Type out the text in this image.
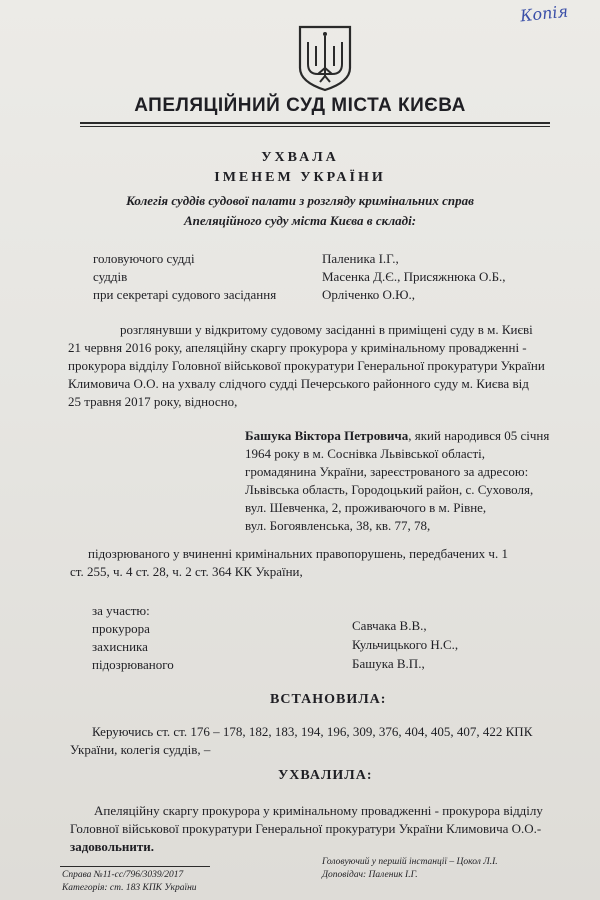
Копія
АПЕЛЯЦІЙНИЙ СУД МІСТА КИЄВА
УХВАЛА
ІМЕНЕМ УКРАЇНИ
Колегія суддів судової палати з розгляду кримінальних справ
Апеляційного суду міста Києва в складі:
головуючого судді	Паленика І.Г.,
суддів	Масенка Д.Є., Присяжнюка О.Б.,
при секретарі судового засідання	Орліченко О.Ю.,
розглянувши у відкритому судовому засіданні в приміщені суду в м. Києві
21 червня 2016 року, апеляційну скаргу прокурора у кримінальному провадженні -
прокурора відділу Головної військової прокуратури Генеральної прокуратури України
Климовича О.О. на ухвалу слідчого судді Печерського районного суду м. Києва від
25 травня 2017 року, відносно,
Башука Віктора Петровича, який народився 05 січня
1964 року в м. Соснівка Львівської області,
громадянина України, зареєстрованого за адресою:
Львівська область, Городоцький район, с. Суховоля,
вул. Шевченка, 2, проживаючого в м. Рівне,
вул. Богоявленська, 38, кв. 77, 78,
підозрюваного у вчиненні кримінальних правопорушень, передбачених ч. 1
ст. 255, ч. 4 ст. 28, ч. 2 ст. 364 КК України,
за участю:
прокурора	Савчака В.В.,
захисника	Кульчицького Н.С.,
підозрюваного	Башука В.П.,
ВСТАНОВИЛА:
Керуючись ст. ст. 176 – 178, 182, 183, 194, 196, 309, 376, 404, 405, 407, 422 КПК
України, колегія суддів, –
УХВАЛИЛА:
Апеляційну скаргу прокурора у кримінальному провадженні - прокурора відділу
Головної військової прокуратури Генеральної прокуратури України Климовича О.О.-
задовольнити.
Справа №11-сс/796/3039/2017
Категорія: ст. 183 КПК України
Головуючий у першій інстанції – Цокол Л.І.
Доповідач: Паленик І.Г.
